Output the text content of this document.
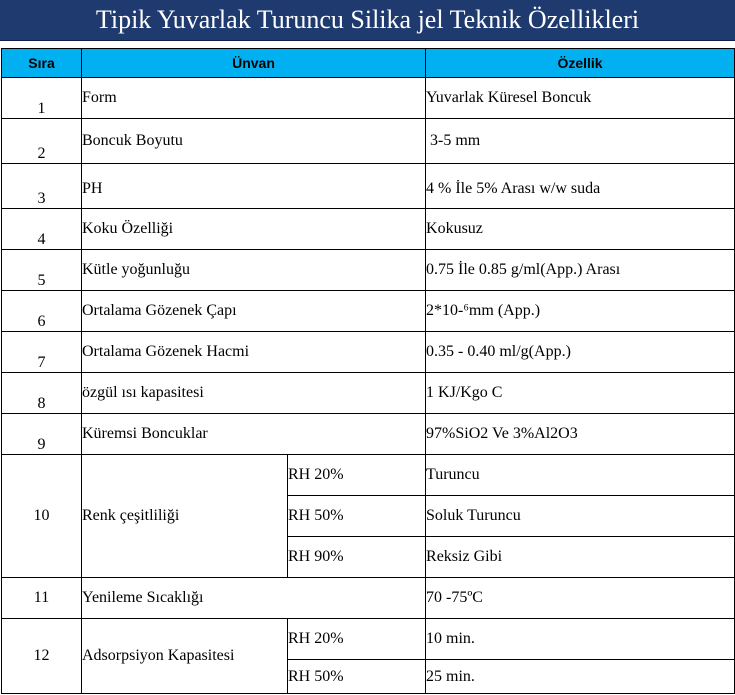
Tipik Yuvarlak Turuncu Silika jel Teknik Özellikleri
Sıra	Ünvan		Özellik
1	Form		Yuvarlak Küresel Boncuk
2	Boncuk Boyutu		3-5 mm
3	PH		4 % İle 5% Arası w/w suda
4	Koku Özelliği		Kokusuz
5	Kütle yoğunluğu		0.75 İle 0.85 g/ml(App.) Arası
6	Ortalama Gözenek Çapı		2*10-⁶mm (App.)
7	Ortalama Gözenek Hacmi		0.35 - 0.40 ml/g(App.)
8	özgül ısı kapasitesi		1 KJ/Kgo C
9	Küremsi Boncuklar		97%SiO2 Ve 3%Al2O3
10	Renk çeşitliliği	RH 20%	Turuncu
		RH 50%	Soluk Turuncu
		RH 90%	Reksiz Gibi
11	Yenileme Sıcaklığı		70 -75ºC
12	Adsorpsiyon Kapasitesi	RH 20%	10 min.
		RH 50%	25 min.
